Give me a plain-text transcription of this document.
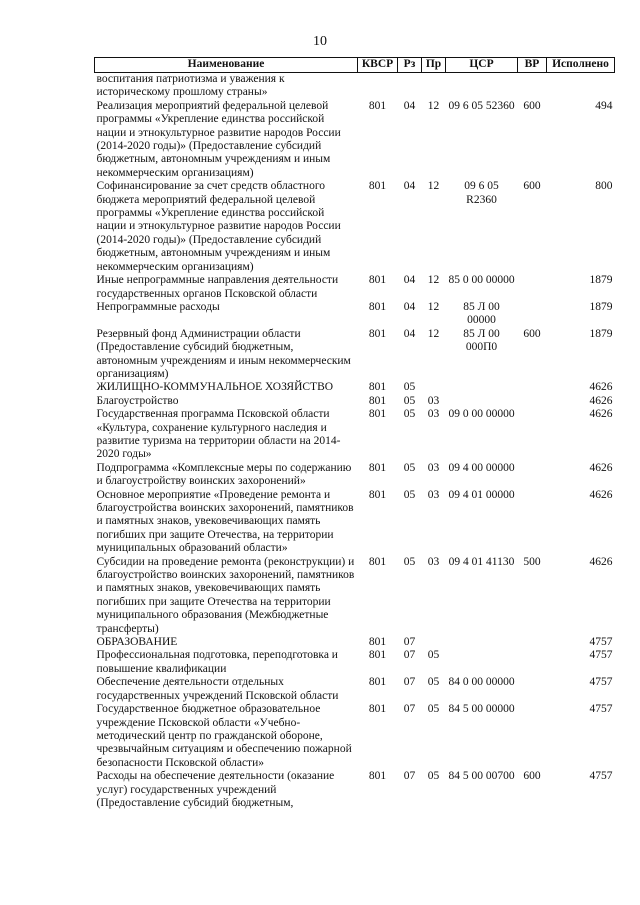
10
Наименование	КВСР	Рз	Пр	ЦСР	ВР	Исполнено
воспитания патриотизма и уважения к историческому прошлому страны»						
Реализация мероприятий федеральной целевой программы «Укрепление единства российской нации и этнокультурное развитие народов России (2014-2020 годы)» (Предоставление субсидий бюджетным, автономным учреждениям и иным некоммерческим организациям)	801	04	12	09 6 05 52360	600	494
Софинансирование за счет средств областного бюджета мероприятий федеральной целевой программы «Укрепление единства российской нации и этнокультурное развитие народов России (2014-2020 годы)» (Предоставление субсидий бюджетным, автономным учреждениям и иным некоммерческим организациям)	801	04	12	09 6 05 R2360	600	800
Иные непрограммные направления деятельности государственных органов Псковской области	801	04	12	85 0 00 00000		1879
Непрограммные расходы	801	04	12	85 Л 00 00000		1879
Резервный фонд Администрации области (Предоставление субсидий бюджетным, автономным учреждениям и иным некоммерческим организациям)	801	04	12	85 Л 00 000П0	600	1879
ЖИЛИЩНО-КОММУНАЛЬНОЕ ХОЗЯЙСТВО	801	05				4626
Благоустройство	801	05	03			4626
Государственная программа Псковской области «Культура, сохранение культурного наследия и развитие туризма на территории области на 2014-2020 годы»	801	05	03	09 0 00 00000		4626
Подпрограмма «Комплексные меры по содержанию и благоустройству воинских захоронений»	801	05	03	09 4 00 00000		4626
Основное мероприятие «Проведение ремонта и благоустройства воинских захоронений, памятников и памятных знаков, увековечивающих память погибших при защите Отечества, на территории муниципальных образований области»	801	05	03	09 4 01 00000		4626
Субсидии на проведение ремонта (реконструкции) и благоустройство воинских захоронений, памятников и памятных знаков, увековечивающих память погибших при защите Отечества на территории муниципального образования (Межбюджетные трансферты)	801	05	03	09 4 01 41130	500	4626
ОБРАЗОВАНИЕ	801	07				4757
Профессиональная подготовка, переподготовка и повышение квалификации	801	07	05			4757
Обеспечение деятельности отдельных государственных учреждений Псковской области	801	07	05	84 0 00 00000		4757
Государственное бюджетное образовательное учреждение Псковской области «Учебно-методический центр по гражданской обороне, чрезвычайным ситуациям и обеспечению пожарной безопасности Псковской области»	801	07	05	84 5 00 00000		4757
Расходы на обеспечение деятельности (оказание услуг) государственных учреждений (Предоставление субсидий бюджетным,	801	07	05	84 5 00 00700	600	4757
